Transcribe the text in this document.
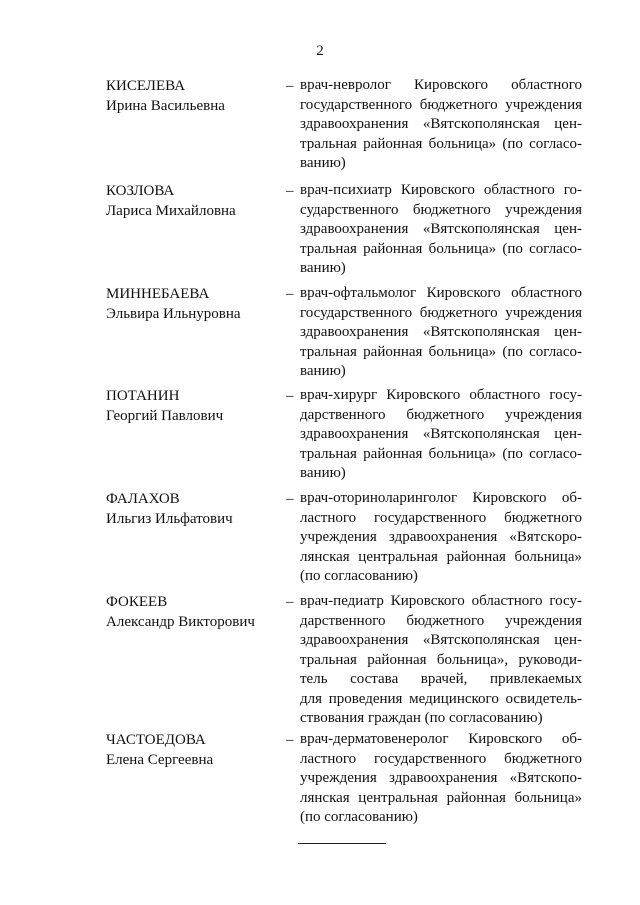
2
КИСЕЛЕВА
Ирина Васильевна
– врач-невролог Кировского областного
государственного бюджетного учреждения
здравоохранения «Вятскополянская цен-
тральная районная больница» (по согласо-
ванию)
КОЗЛОВА
Лариса Михайловна
– врач-психиатр Кировского областного го-
сударственного бюджетного учреждения
здравоохранения «Вятскополянская цен-
тральная районная больница» (по согласо-
ванию)
МИННЕБАЕВА
Эльвира Ильнуровна
– врач-офтальмолог Кировского областного
государственного бюджетного учреждения
здравоохранения «Вятскополянская цен-
тральная районная больница» (по согласо-
ванию)
ПОТАНИН
Георгий Павлович
– врач-хирург Кировского областного госу-
дарственного бюджетного учреждения
здравоохранения «Вятскополянская цен-
тральная районная больница» (по согласо-
ванию)
ФАЛАХОВ
Ильгиз Ильфатович
– врач-оториноларинголог Кировского об-
ластного государственного бюджетного
учреждения здравоохранения «Вятскopo-
лянская центральная районная больница»
(по согласованию)
ФОКЕЕВ
Александр Викторович
– врач-педиатр Кировского областного госу-
дарственного бюджетного учреждения
здравоохранения «Вятскополянская цен-
тральная районная больница», руководи-
тель состава врачей, привлекаемых
для проведения медицинского освидетель-
ствования граждан (по согласованию)
ЧАСТОЕДОВА
Елена Сергеевна
– врач-дерматовенеролог Кировского об-
ластного государственного бюджетного
учреждения здравоохранения «Вятскопо-
лянская центральная районная больница»
(по согласованию)
